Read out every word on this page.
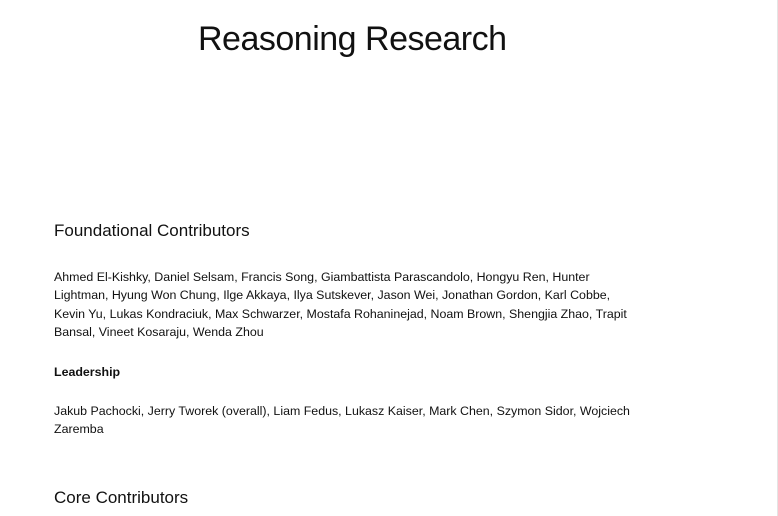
Reasoning Research
Foundational Contributors

Ahmed El-Kishky, Daniel Selsam, Francis Song, Giambattista Parascandolo, Hongyu Ren, Hunter Lightman, Hyung Won Chung, Ilge Akkaya, Ilya Sutskever, Jason Wei, Jonathan Gordon, Karl Cobbe, Kevin Yu, Lukas Kondraciuk, Max Schwarzer, Mostafa Rohaninejad, Noam Brown, Shengjia Zhao, Trapit Bansal, Vineet Kosaraju, Wenda Zhou

Leadership

Jakub Pachocki, Jerry Tworek (overall), Liam Fedus, Lukasz Kaiser, Mark Chen, Szymon Sidor, Wojciech Zaremba

Core Contributors
